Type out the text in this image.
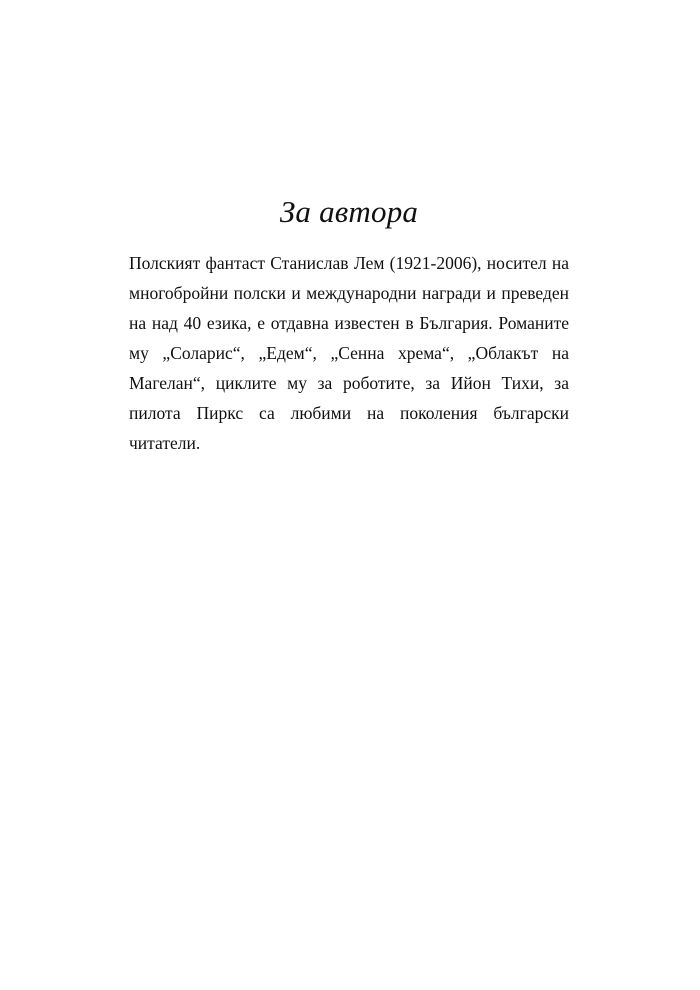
За автора

Полският фантаст Станислав Лем (1921-2006), носител на многобройни полски и международни награди и преведен на над 40 езика, е отдавна известен в България. Романите му „Соларис“, „Едем“, „Сенна хрема“, „Облакът на Магелан“, циклите му за роботите, за Ийон Тихи, за пилота Пиркс са любими на поколения български читатели.
